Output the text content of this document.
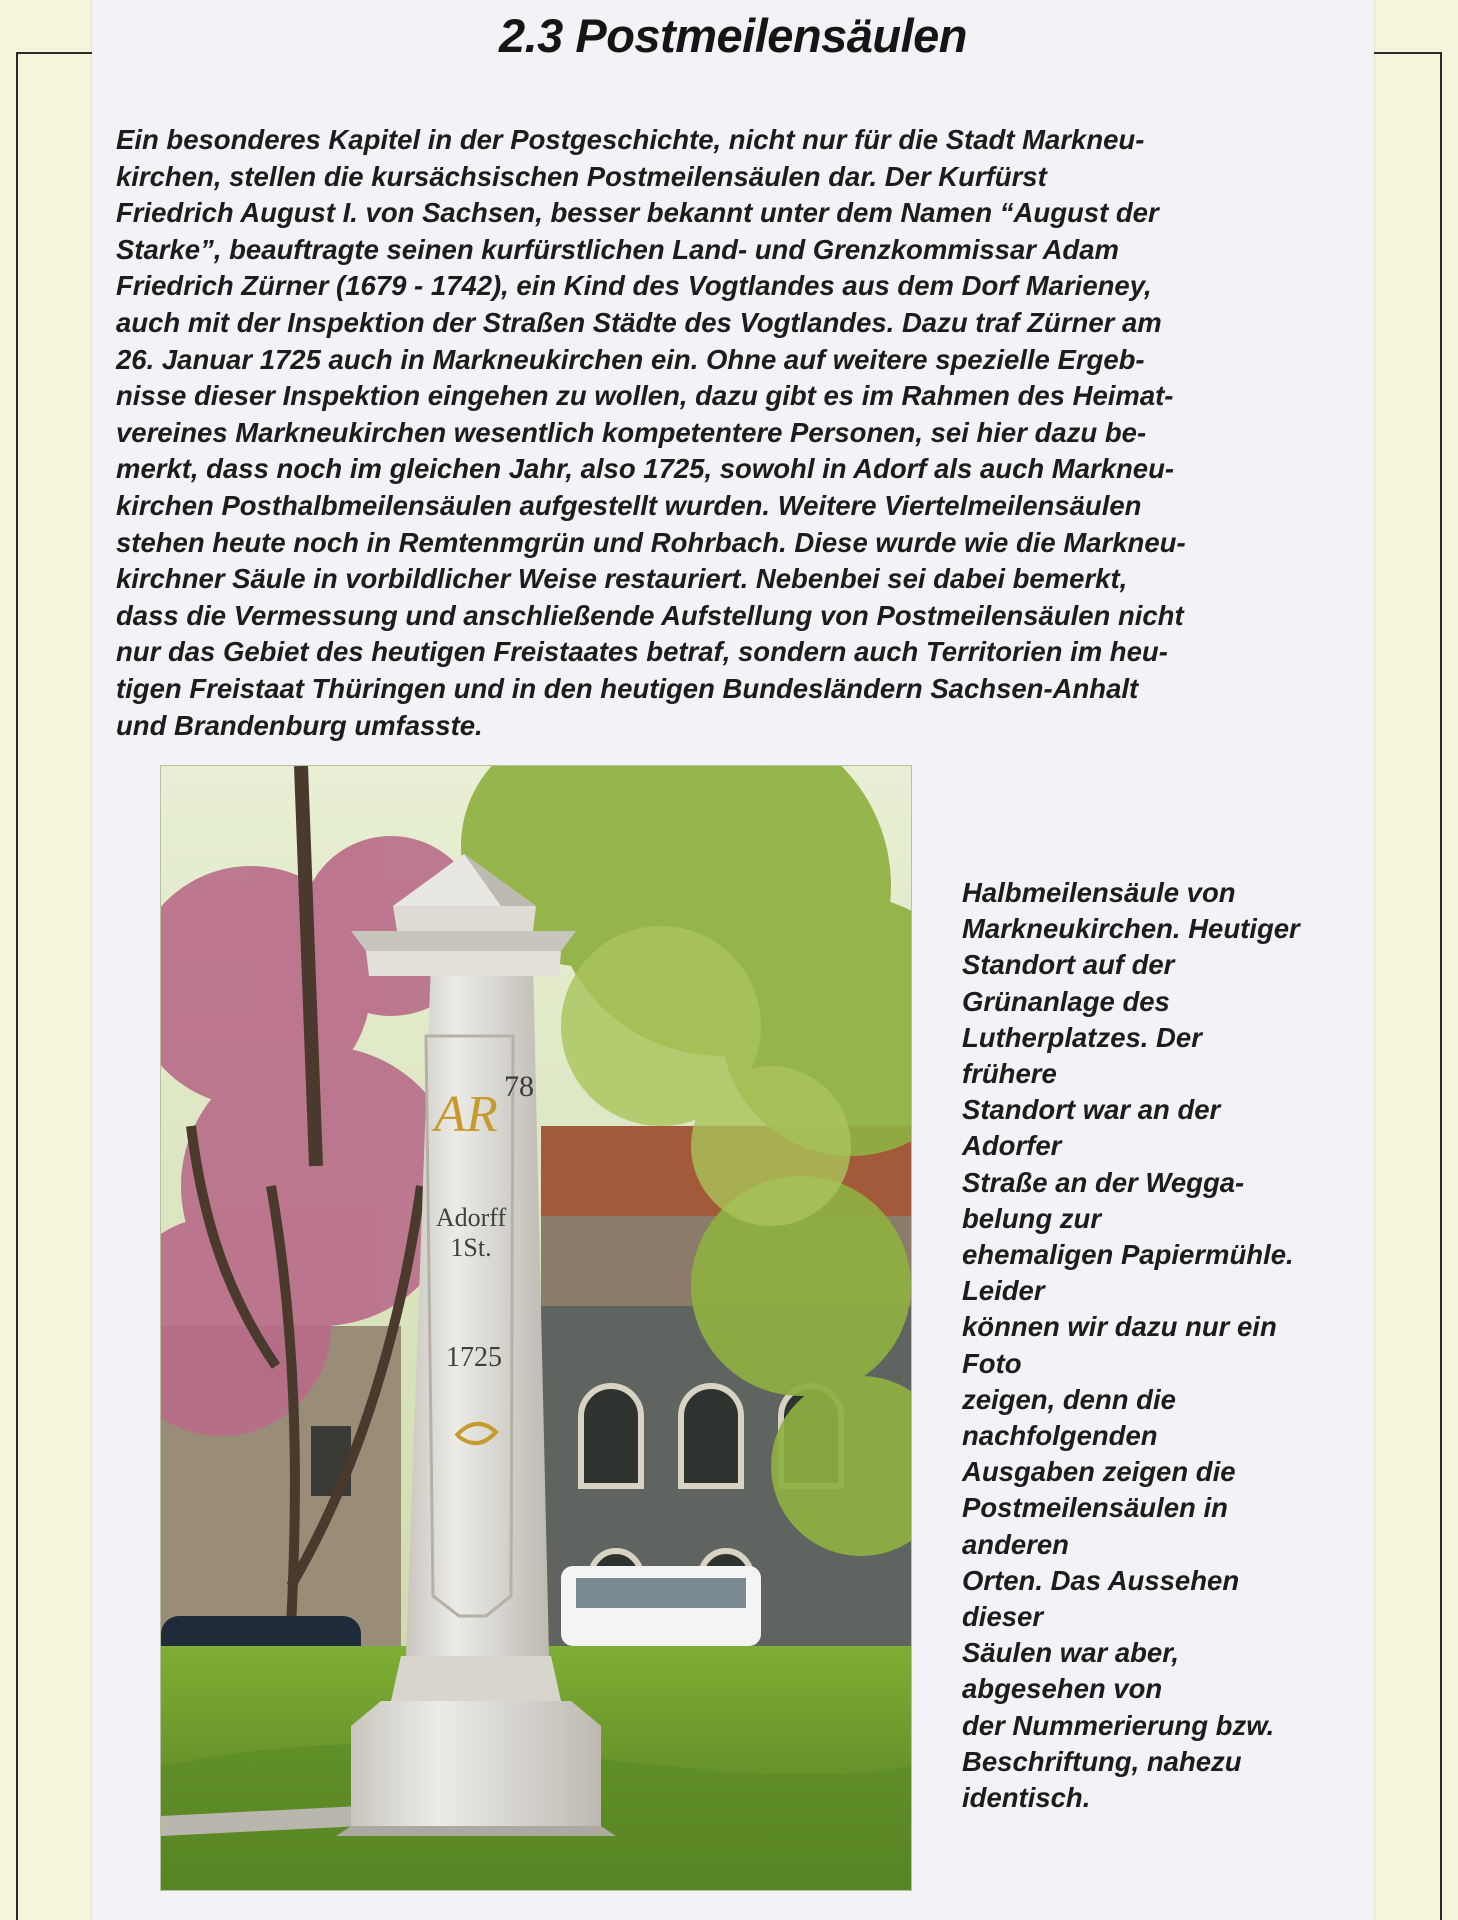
2.3 Postmeilensäulen

Ein besonderes Kapitel in der Postgeschichte, nicht nur für die Stadt Markneu-
kirchen, stellen die kursächsischen Postmeilensäulen dar. Der Kurfürst
Friedrich August I. von Sachsen, besser bekannt unter dem Namen “August der
Starke”, beauftragte seinen kurfürstlichen Land- und Grenzkommissar Adam
Friedrich Zürner (1679 - 1742), ein Kind des Vogtlandes aus dem Dorf Marieney,
auch mit der Inspektion der Straßen Städte des Vogtlandes. Dazu traf Zürner am
26. Januar 1725 auch in Markneukirchen ein. Ohne auf weitere spezielle Ergeb-
nisse dieser Inspektion eingehen zu wollen, dazu gibt es im Rahmen des Heimat-
vereines Markneukirchen wesentlich kompetentere Personen, sei hier dazu be-
merkt, dass noch im gleichen Jahr, also 1725, sowohl in Adorf als auch Markneu-
kirchen Posthalbmeilensäulen aufgestellt wurden. Weitere Viertelmeilensäulen
stehen heute noch in Remtenmgrün und Rohrbach. Diese wurde wie die Markneu-
kirchner Säule in vorbildlicher Weise restauriert. Nebenbei sei dabei bemerkt,
dass die Vermessung und anschließende Aufstellung von Postmeilensäulen nicht
nur das Gebiet des heutigen Freistaates betraf, sondern auch Territorien im heu-
tigen Freistaat Thüringen und in den heutigen Bundesländern Sachsen-Anhalt
und Brandenburg umfasste.

AR 78
Adorff
1St.
1725

Halbmeilensäule von
Markneukirchen. Heutiger
Standort auf der
Grünanlage des
Lutherplatzes. Der
frühere
Standort war an der
Adorfer
Straße an der Wegga-
belung zur
ehemaligen Papiermühle.
Leider
können wir dazu nur ein
Foto
zeigen, denn die
nachfolgenden
Ausgaben zeigen die
Postmeilensäulen in
anderen
Orten. Das Aussehen
dieser
Säulen war aber,
abgesehen von
der Nummerierung bzw.
Beschriftung, nahezu
identisch.
